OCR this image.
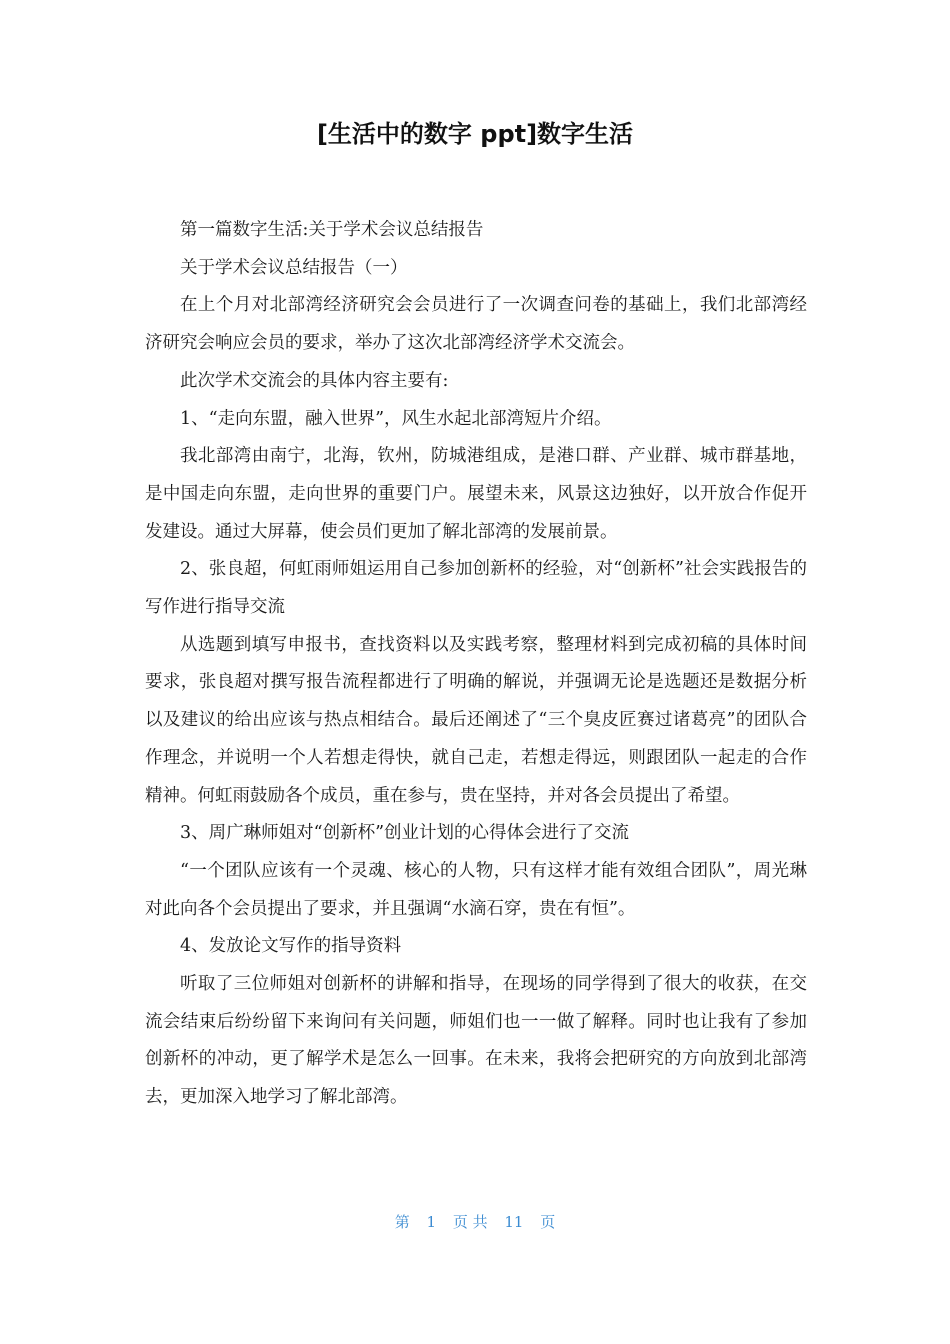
[生活中的数字 ppt]数字生活

第一篇数字生活:关于学术会议总结报告

关于学术会议总结报告（一）

在上个月对北部湾经济研究会会员进行了一次调查问卷的基础上，我们北部湾经济研究会响应会员的要求，举办了这次北部湾经济学术交流会。

此次学术交流会的具体内容主要有:

1、“走向东盟，融入世界”，风生水起北部湾短片介绍。

我北部湾由南宁，北海，钦州，防城港组成，是港口群、产业群、城市群基地，是中国走向东盟，走向世界的重要门户。展望未来，风景这边独好，以开放合作促开发建设。通过大屏幕，使会员们更加了解北部湾的发展前景。

2、张良超，何虹雨师姐运用自己参加创新杯的经验，对“创新杯”社会实践报告的写作进行指导交流

从选题到填写申报书，查找资料以及实践考察，整理材料到完成初稿的具体时间要求，张良超对撰写报告流程都进行了明确的解说，并强调无论是选题还是数据分析以及建议的给出应该与热点相结合。最后还阐述了“三个臭皮匠赛过诸葛亮”的团队合作理念，并说明一个人若想走得快，就自己走，若想走得远，则跟团队一起走的合作精神。何虹雨鼓励各个成员，重在参与，贵在坚持，并对各会员提出了希望。

3、周广琳师姐对“创新杯”创业计划的心得体会进行了交流

“一个团队应该有一个灵魂、核心的人物，只有这样才能有效组合团队”，周光琳对此向各个会员提出了要求，并且强调“水滴石穿，贵在有恒”。

4、发放论文写作的指导资料

听取了三位师姐对创新杯的讲解和指导，在现场的同学得到了很大的收获，在交流会结束后纷纷留下来询问有关问题，师姐们也一一做了解释。同时也让我有了参加创新杯的冲动，更了解学术是怎么一回事。在未来，我将会把研究的方向放到北部湾去，更加深入地学习了解北部湾。

第 1 页 共 11 页
